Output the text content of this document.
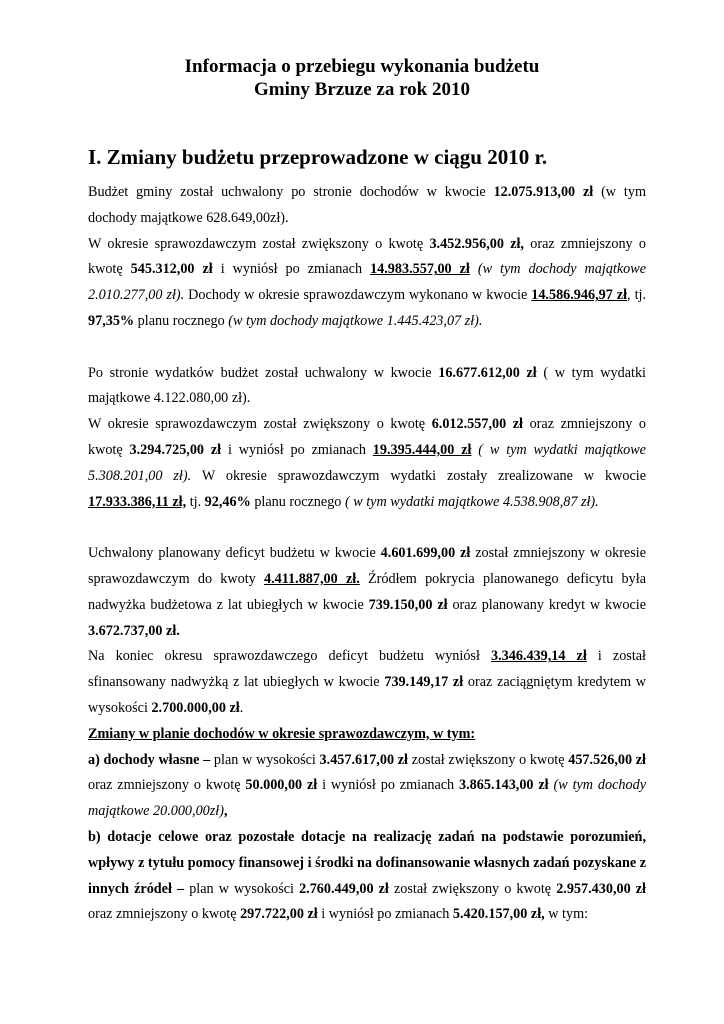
Informacja o przebiegu wykonania budżetu
Gminy Brzuze za rok 2010
I. Zmiany budżetu przeprowadzone w ciągu 2010 r.

Budżet gminy został uchwalony po stronie dochodów w kwocie 12.075.913,00 zł (w tym dochody majątkowe 628.649,00zł).

W okresie sprawozdawczym został zwiększony o kwotę 3.452.956,00 zł, oraz zmniejszony o kwotę 545.312,00 zł i wyniósł po zmianach 14.983.557,00 zł (w tym dochody majątkowe 2.010.277,00 zł). Dochody w okresie sprawozdawczym wykonano w kwocie 14.586.946,97 zł, tj. 97,35% planu rocznego (w tym dochody majątkowe 1.445.423,07 zł).

Po stronie wydatków budżet został uchwalony w kwocie 16.677.612,00 zł ( w tym wydatki majątkowe 4.122.080,00 zł).

W okresie sprawozdawczym został zwiększony o kwotę 6.012.557,00 zł oraz zmniejszony o kwotę 3.294.725,00 zł i wyniósł po zmianach 19.395.444,00 zł ( w tym wydatki majątkowe 5.308.201,00 zł). W okresie sprawozdawczym wydatki zostały zrealizowane w kwocie 17.933.386,11 zł, tj. 92,46% planu rocznego ( w tym wydatki majątkowe 4.538.908,87 zł).

Uchwalony planowany deficyt budżetu w kwocie 4.601.699,00 zł został zmniejszony w okresie sprawozdawczym do kwoty 4.411.887,00 zł. Źródłem pokrycia planowanego deficytu była nadwyżka budżetowa z lat ubiegłych w kwocie 739.150,00 zł oraz planowany kredyt w kwocie 3.672.737,00 zł.

Na koniec okresu sprawozdawczego deficyt budżetu wyniósł 3.346.439,14 zł i został sfinansowany nadwyżką z lat ubiegłych w kwocie 739.149,17 zł oraz zaciągniętym kredytem w wysokości 2.700.000,00 zł.

Zmiany w planie dochodów w okresie sprawozdawczym, w tym:

a) dochody własne – plan w wysokości 3.457.617,00 zł został zwiększony o kwotę 457.526,00 zł oraz zmniejszony o kwotę 50.000,00 zł i wyniósł po zmianach 3.865.143,00 zł (w tym dochody majątkowe 20.000,00zł),

b) dotacje celowe oraz pozostałe dotacje na realizację zadań na podstawie porozumień, wpływy z tytułu pomocy finansowej i środki na dofinansowanie własnych zadań pozyskane z innych źródeł – plan w wysokości 2.760.449,00 zł został zwiększony o kwotę 2.957.430,00 zł oraz zmniejszony o kwotę 297.722,00 zł i wyniósł po zmianach 5.420.157,00 zł, w tym:
